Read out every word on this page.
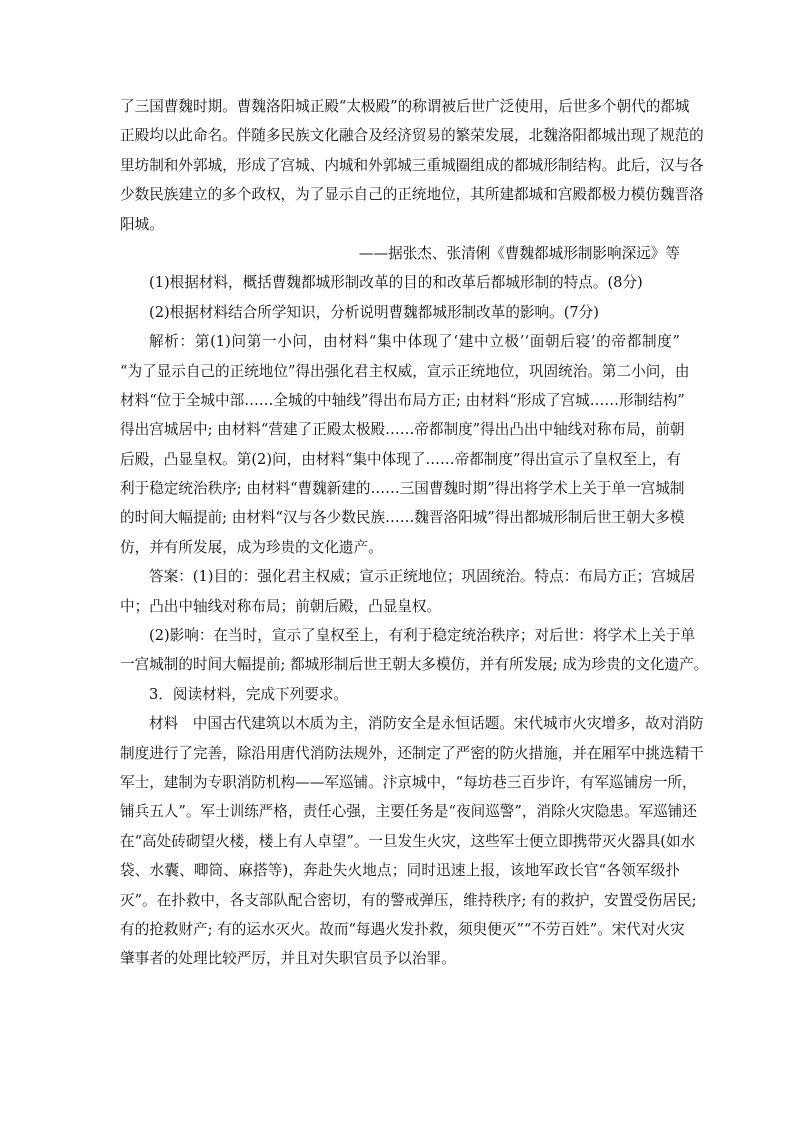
了三国曹魏时期。曹魏洛阳城正殿“太极殿”的称谓被后世广泛使用，后世多个朝代的都城
正殿均以此命名。伴随多民族文化融合及经济贸易的繁荣发展，北魏洛阳都城出现了规范的
里坊制和外郭城，形成了宫城、内城和外郭城三重城圈组成的都城形制结构。此后，汉与各
少数民族建立的多个政权，为了显示自己的正统地位，其所建都城和宫殿都极力模仿魏晋洛
阳城。
——据张杰、张清俐《曹魏都城形制影响深远》等
(1)根据材料，概括曹魏都城形制改革的目的和改革后都城形制的特点。(8分)
(2)根据材料结合所学知识，分析说明曹魏都城形制改革的影响。(7分)
解析：第(1)问第一小问，由材料“集中体现了‘建中立极’‘面朝后寝’的帝都制度”
“为了显示自己的正统地位”得出强化君主权威，宣示正统地位，巩固统治。第二小问，由
材料“位于全城中部……全城的中轴线”得出布局方正; 由材料“形成了宫城……形制结构”
得出宫城居中; 由材料“营建了正殿太极殿……帝都制度”得出凸出中轴线对称布局，前朝
后殿，凸显皇权。第(2)问，由材料“集中体现了……帝都制度”得出宣示了皇权至上，有
利于稳定统治秩序; 由材料“曹魏新建的……三国曹魏时期”得出将学术上关于单一宫城制
的时间大幅提前; 由材料“汉与各少数民族……魏晋洛阳城”得出都城形制后世王朝大多模
仿，并有所发展，成为珍贵的文化遗产。
答案：(1)目的：强化君主权威；宣示正统地位；巩固统治。特点：布局方正；宫城居
中；凸出中轴线对称布局；前朝后殿，凸显皇权。
(2)影响：在当时，宣示了皇权至上，有利于稳定统治秩序；对后世：将学术上关于单
一宫城制的时间大幅提前; 都城形制后世王朝大多模仿，并有所发展; 成为珍贵的文化遗产。
3．阅读材料，完成下列要求。
材料　中国古代建筑以木质为主，消防安全是永恒话题。宋代城市火灾增多，故对消防
制度进行了完善，除沿用唐代消防法规外，还制定了严密的防火措施，并在厢军中挑选精干
军士，建制为专职消防机构——军巡铺。汴京城中，“每坊巷三百步许，有军巡铺房一所，
铺兵五人”。军士训练严格，责任心强，主要任务是“夜间巡警”，消除火灾隐患。军巡铺还
在“高处砖砌望火楼，楼上有人卓望”。一旦发生火灾，这些军士便立即携带灭火器具(如水
袋、水囊、唧筒、麻搭等)，奔赴失火地点；同时迅速上报，该地军政长官“各领军级扑
灭”。在扑救中，各支部队配合密切，有的警戒弹压，维持秩序; 有的救护，安置受伤居民;
有的抢救财产; 有的运水灭火。故而“每遇火发扑救，须臾便灭”“不劳百姓”。宋代对火灾
肇事者的处理比较严厉，并且对失职官员予以治罪。
